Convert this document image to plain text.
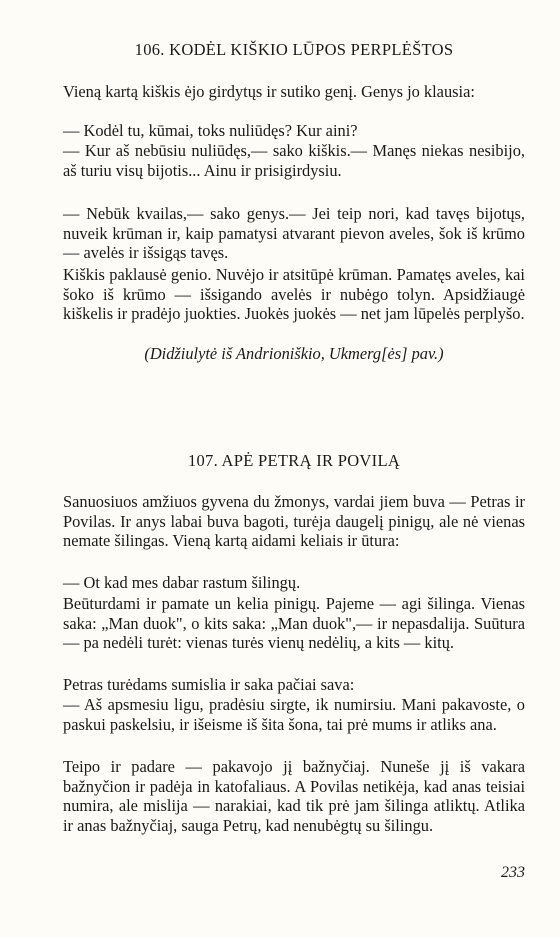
106. KODĖL KIŠKIO LŪPOS PERPLĖŠTOS
Vieną kartą kiškis ėjo girdytųs ir sutiko genį. Genys jo klausia:
— Kodėl tu, kūmai, toks nuliūdęs? Kur aini?
— Kur aš nebūsiu nuliūdęs,— sako kiškis.— Manęs niekas nesibijo, aš turiu visų bijotis... Ainu ir prisigirdysiu.
— Nebūk kvailas,— sako genys.— Jei teip nori, kad tavęs bijotųs, nuveik krūman ir, kaip pamatysi atvarant pievon aveles, šok iš krūmo — avelės ir išsigąs tavęs.
Kiškis paklausė genio. Nuvėjo ir atsitūpė krūman. Pamatęs aveles, kai šoko iš krūmo — išsigando avelės ir nubėgo tolyn. Apsidžiaugė kiškelis ir pradėjo juokties. Juokės juokės — net jam lūpelės perplyšo.
(Didžiulytė iš Andrioniškio, Ukmerg[ės] pav.)
107. APĖ PETRĄ IR POVILĄ
Sanuosiuos amžiuos gyvena du žmonys, vardai jiem buva — Petras ir Povilas. Ir anys labai buva bagoti, turėja daugelį pinigų, ale nė vienas nemate šilingas. Vieną kartą aidami keliais ir ūtura:
— Ot kad mes dabar rastum šilingų.
Beūturdami ir pamate un kelia pinigų. Pajeme — agi šilinga. Vienas saka: „Man duok", o kits saka: „Man duok",— ir nepasdalija. Suūtura — pa nedėli turėt: vienas turės vienų nedėlių, a kits — kitų.
Petras turėdams sumislia ir saka pačiai sava:
— Aš apsmesiu ligu, pradėsiu sirgte, ik numirsiu. Mani pakavoste, o paskui paskelsiu, ir išeisme iš šita šona, tai prė mums ir atliks ana.
Teipo ir padare — pakavojo jį bažnyčiaj. Nuneše jį iš vakara bažnyčion ir padėja in katofaliaus. A Povilas netikėja, kad anas teisiai numira, ale mislija — narakiai, kad tik prė jam šilinga atliktų. Atlika ir anas bažnyčiaj, sauga Petrų, kad nenubėgtų su šilingu.
233
